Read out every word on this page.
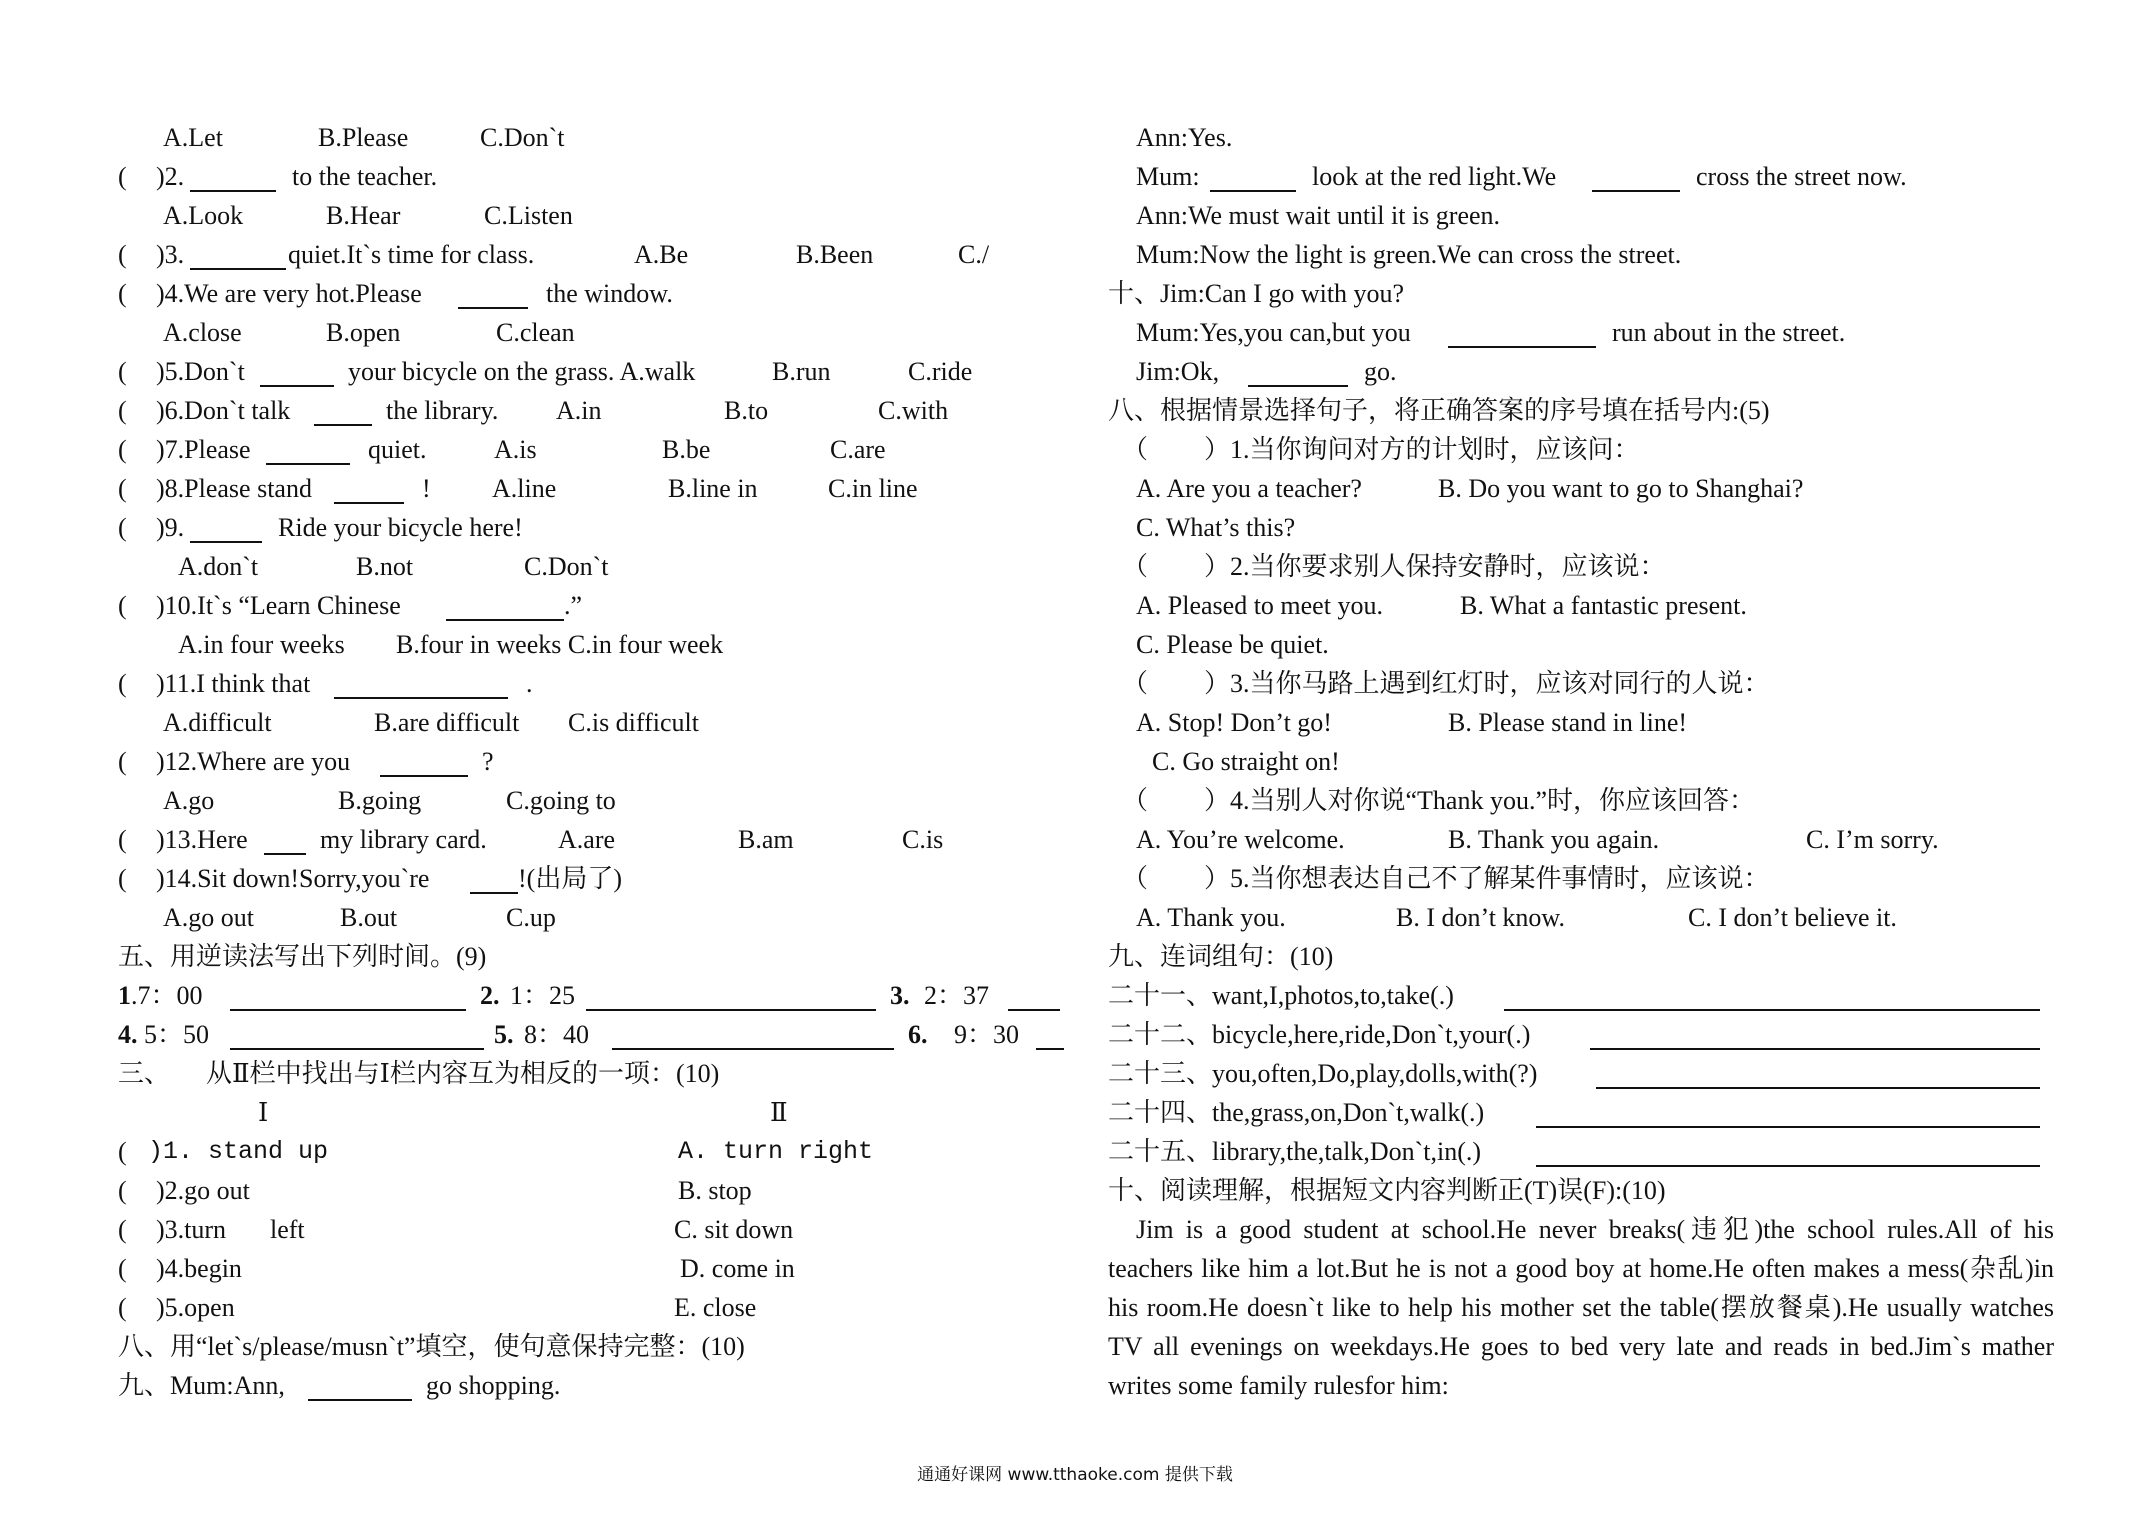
A.Let	B.Please	C.Don`t
( )2.	to the teacher.
A.Look	B.Hear	C.Listen
( )3.	quiet.It`s time for class.	A.Be	B.Been	C./
( )4.We are very hot.Please	the window.
A.close	B.open	C.clean
( )5.Don`t	your bicycle on the grass. A.walk	B.run	C.ride
( )6.Don`t talk	the library. A.in	B.to	C.with
( )7.Please	quiet.	A.is	B.be	C.are
( )8.Please stand	! A.line	B.line in	C.in line
( )9.	Ride your bicycle here!
A.don`t	B.not	C.Don`t
( )10.It`s “Learn Chinese	.”
A.in four weeks B.four in weeks C.in four week
( )11.I think that	.
A.difficult	B.are difficult C.is difficult
( )12.Where are you	?
A.go	B.going	C.going to
( )13.Here	my library card.	A.are	B.am	C.is
( )14.Sit down!Sorry,you`re	!(出局了)
A.go out	B.out	C.up
五、用逆读法写出下列时间。(9)
1 .7：00	2. 1：25	3. 2：37
4. 5：50	5. 8：40	6. 9：30
三、 从Ⅱ栏中找出与Ⅰ栏内容互为相反的一项：(10)
Ⅰ	Ⅱ
( )1. stand up	A. turn right
( )2.go out	B. stop
( )3.turn left	C. sit down
( )4.begin	D. come in
( )5.open	E. close
八、用“let`s/please/musn`t”填空，使句意保持完整：(10)
九、Mum:Ann,	go shopping.
Ann:Yes.
Mum:	look at the red light.We	cross the street now.
Ann:We must wait until it is green.
Mum:Now the light is green.We can cross the street.
十、Jim:Can I go with you?
Mum:Yes,you can,but you	run about in the street.
Jim:Ok,	go.
八、根据情景选择句子，将正确答案的序号填在括号内:(5)
（ ）1.当你询问对方的计划时，应该问：
A. Are you a teacher?	B. Do you want to go to Shanghai?
C. What’s this?
（ ）2.当你要求别人保持安静时，应该说：
A. Pleased to meet you.	B. What a fantastic present.
C. Please be quiet.
（ ）3.当你马路上遇到红灯时，应该对同行的人说：
A. Stop! Don’t go!	B. Please stand in line!
C. Go straight on!
（ ）4.当别人对你说“Thank you.”时，你应该回答：
A. You’re welcome.	B. Thank you again.	C. I’m sorry.
（ ）5.当你想表达自己不了解某件事情时，应该说：
A. Thank you.	B. I don’t know.	C. I don’t believe it.
九、连词组句：(10)
二十一、want,I,photos,to,take(.)
二十二、bicycle,here,ride,Don`t,your(.)
二十三、you,often,Do,play,dolls,with(?)
二十四、the,grass,on,Don`t,walk(.)
二十五、library,the,talk,Don`t,in(.)
十、阅读理解，根据短文内容判断正(T)误(F):(10)
Jim is a good student at school.He never breaks(违犯)the school rules.All of his teachers like him a lot.But he is not a good boy at home.He often makes a mess(杂乱)in his room.He doesn`t like to help his mother set the table(摆放餐桌).He usually watches TV all evenings on weekdays.He goes to bed very late and reads in bed.Jim`s mather writes some family rulesfor him:
通通好课网 www.tthaoke.com 提供下载
